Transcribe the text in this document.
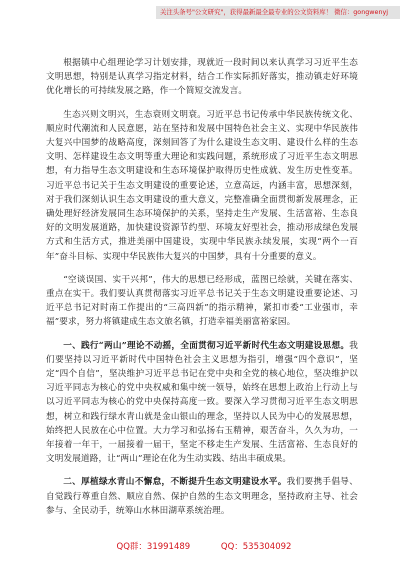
关注头条号"公文研究"，获得最新最全最专业的公文资料库！ 微信：gongwenyj

根据镇中心组理论学习计划安排，现就近一段时间以来认真学习习近平生态文明思想，特别是认真学习指定材料，结合工作实际抓好落实，推动镇走好环境优化增长的可持续发展之路，作一个简短交流发言。

生态兴则文明兴，生态衰则文明衰。习近平总书记传承中华民族传统文化、顺应时代潮流和人民意愿，站在坚持和发展中国特色社会主义、实现中华民族伟大复兴中国梦的战略高度，深刻回答了为什么建设生态文明、建设什么样的生态文明、怎样建设生态文明等重大理论和实践问题，系统形成了习近平生态文明思想，有力指导生态文明建设和生态环境保护取得历史性成就、发生历史性变革。习近平总书记关于生态文明建设的重要论述，立意高远，内涵丰富，思想深刻，对于我们深刻认识生态文明建设的重大意义，完整准确全面贯彻新发展理念，正确处理好经济发展同生态环境保护的关系，坚持走生产发展、生活富裕、生态良好的文明发展道路，加快建设资源节约型、环境友好型社会，推动形成绿色发展方式和生活方式，推进美丽中国建设，实现中华民族永续发展，实现“两个一百年”奋斗目标、实现中华民族伟大复兴的中国梦，具有十分重要的意义。

“空谈误国、实干兴邦”，伟大的思想已经形成，蓝图已绘就，关键在落实、重点在实干。我们要认真贯彻落实习近平总书记关于生态文明建设重要论述、习近平总书记对时南工作提出的“三高四新”的指示精神，紧扣市委“工业强市，幸福”要求，努力将镇建成生态文旅名镇，打造幸福美丽富裕家园。

一、践行“两山”理论不动摇，全面贯彻习近平新时代生态文明建设思想。我们要坚持以习近平新时代中国特色社会主义思想为指引，增强“四个意识”，坚定“四个自信”，坚决维护习近平总书记在党中央和全党的核心地位，坚决维护以习近平同志为核心的党中央权威和集中统一领导，始终在思想上政治上行动上与以习近平同志为核心的党中央保持高度一致。要深入学习贯彻习近平生态文明思想，树立和践行绿水青山就是金山银山的理念，坚持以人民为中心的发展思想，始终把人民放在心中位置。大力学习和弘扬右玉精神，艰苦奋斗，久久为功，一年接着一年干，一届接着一届干，坚定不移走生产发展、生活富裕、生态良好的文明发展道路，让“两山”理论在化为生动实践、结出丰硕成果。

二、厚植绿水青山不懈怠，不断提升生态文明建设水平。我们要携手倡导、自觉践行尊重自然、顺应自然、保护自然的生态文明理念，坚持政府主导、社会参与、全民动手，统筹山水林田湖草系统治理。

QQ群：31991489	QQ：535304092
